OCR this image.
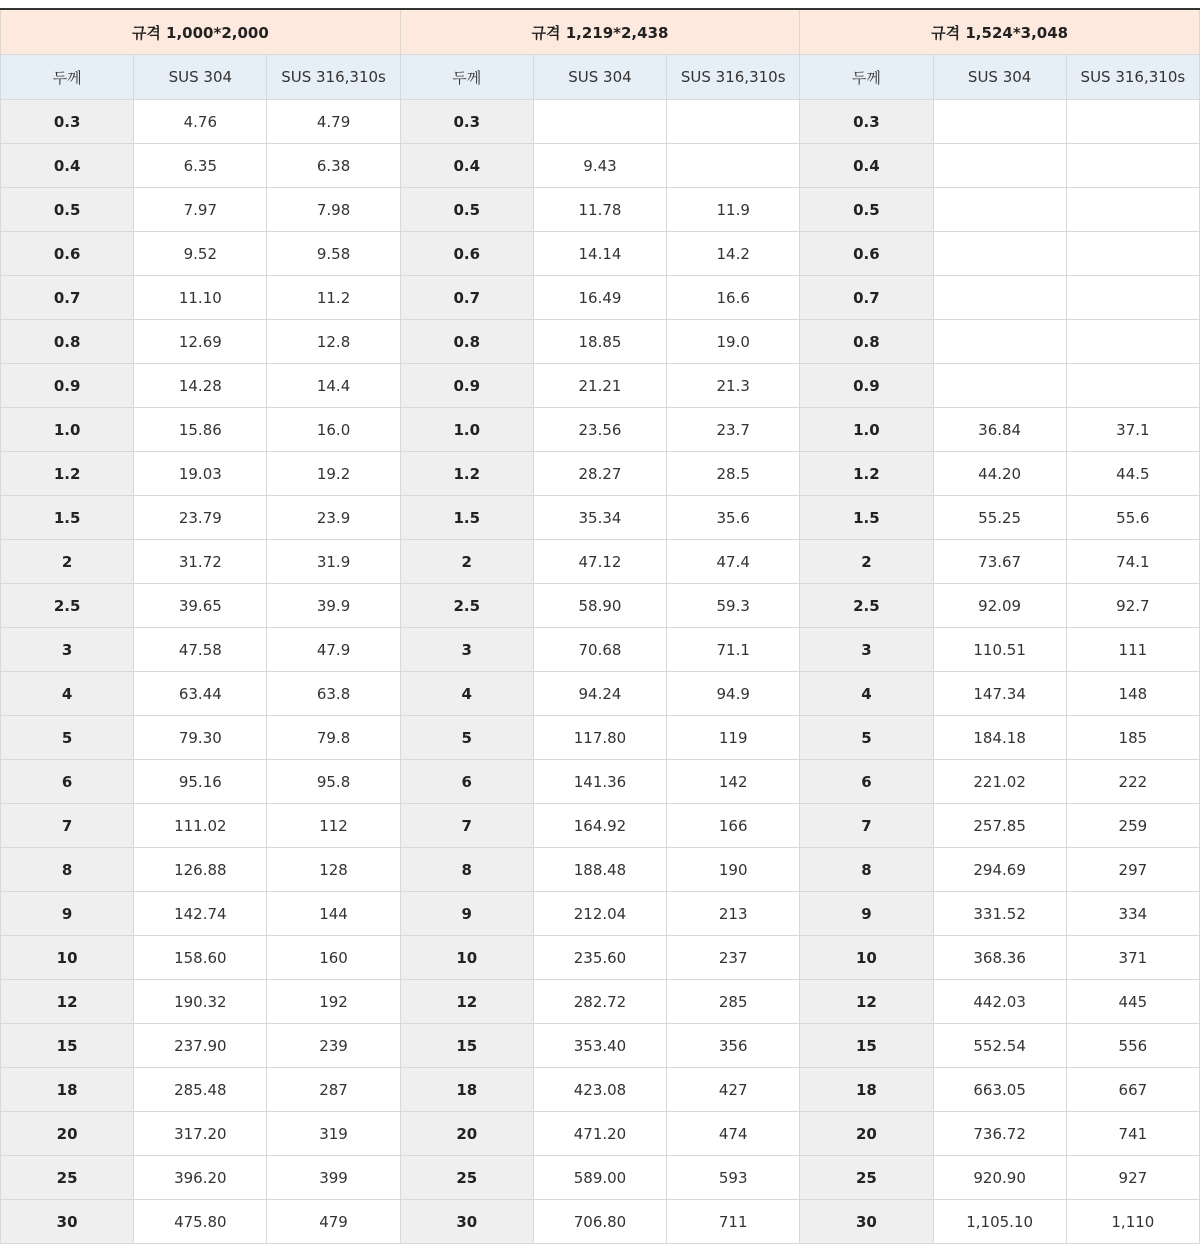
규격 1,000*2,000			규격 1,219*2,438			규격 1,524*3,048		
두께	SUS 304	SUS 316,310s	두께	SUS 304	SUS 316,310s	두께	SUS 304	SUS 316,310s
0.3	4.76	4.79	0.3			0.3		
0.4	6.35	6.38	0.4	9.43		0.4		
0.5	7.97	7.98	0.5	11.78	11.9	0.5		
0.6	9.52	9.58	0.6	14.14	14.2	0.6		
0.7	11.10	11.2	0.7	16.49	16.6	0.7		
0.8	12.69	12.8	0.8	18.85	19.0	0.8		
0.9	14.28	14.4	0.9	21.21	21.3	0.9		
1.0	15.86	16.0	1.0	23.56	23.7	1.0	36.84	37.1
1.2	19.03	19.2	1.2	28.27	28.5	1.2	44.20	44.5
1.5	23.79	23.9	1.5	35.34	35.6	1.5	55.25	55.6
2	31.72	31.9	2	47.12	47.4	2	73.67	74.1
2.5	39.65	39.9	2.5	58.90	59.3	2.5	92.09	92.7
3	47.58	47.9	3	70.68	71.1	3	110.51	111
4	63.44	63.8	4	94.24	94.9	4	147.34	148
5	79.30	79.8	5	117.80	119	5	184.18	185
6	95.16	95.8	6	141.36	142	6	221.02	222
7	111.02	112	7	164.92	166	7	257.85	259
8	126.88	128	8	188.48	190	8	294.69	297
9	142.74	144	9	212.04	213	9	331.52	334
10	158.60	160	10	235.60	237	10	368.36	371
12	190.32	192	12	282.72	285	12	442.03	445
15	237.90	239	15	353.40	356	15	552.54	556
18	285.48	287	18	423.08	427	18	663.05	667
20	317.20	319	20	471.20	474	20	736.72	741
25	396.20	399	25	589.00	593	25	920.90	927
30	475.80	479	30	706.80	711	30	1,105.10	1,110
